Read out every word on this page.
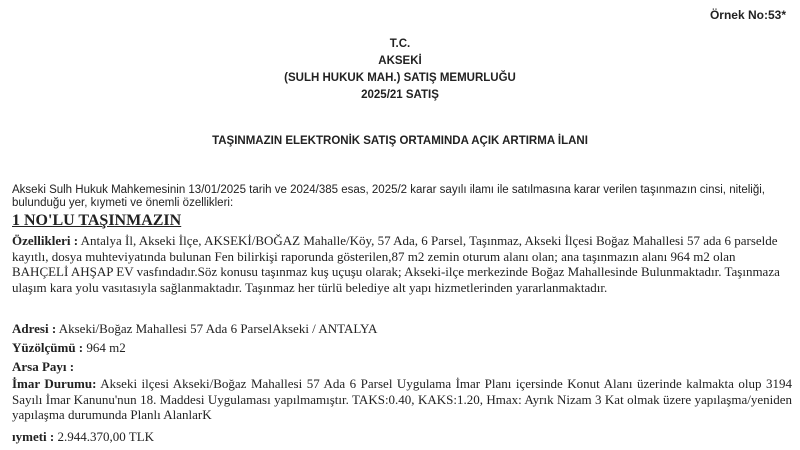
Örnek No:53*
T.C.
AKSEKİ
(SULH HUKUK MAH.) SATIŞ MEMURLUĞU
2025/21 SATIŞ
TAŞINMAZIN ELEKTRONİK SATIŞ ORTAMINDA AÇIK ARTIRMA İLANI
Akseki Sulh Hukuk Mahkemesinin 13/01/2025 tarih ve 2024/385 esas, 2025/2 karar sayılı ilamı ile satılmasına karar verilen taşınmazın cinsi, niteliği, bulunduğu yer, kıymeti ve önemli özellikleri:
1 NO'LU TAŞINMAZIN
Özellikleri : Antalya İl, Akseki İlçe, AKSEKİ/BOĞAZ Mahalle/Köy, 57 Ada, 6 Parsel, Taşınmaz, Akseki İlçesi Boğaz Mahallesi 57 ada 6 parselde kayıtlı, dosya muhteviyatında bulunan Fen bilirkişi raporunda gösterilen,87 m2 zemin oturum alanı olan; ana taşınmazın alanı 964 m2 olan BAHÇELİ AHŞAP EV vasfındadır.Söz konusu taşınmaz kuş uçuşu olarak; Akseki-ilçe merkezinde Boğaz Mahallesinde Bulunmaktadır. Taşınmaza ulaşım kara yolu vasıtasıyla sağlanmaktadır. Taşınmaz her türlü belediye alt yapı hizmetlerinden yararlanmaktadır.
Adresi : Akseki/Boğaz Mahallesi 57 Ada 6 ParselAkseki / ANTALYA
Yüzölçümü : 964 m2
Arsa Payı :
İmar Durumu: Akseki ilçesi Akseki/Boğaz Mahallesi 57 Ada 6 Parsel Uygulama İmar Planı içersinde Konut Alanı üzerinde kalmakta olup 3194 Sayılı İmar Kanunu'nun 18. Maddesi Uygulaması yapılmamıştır. TAKS:0.40, KAKS:1.20, Hmax: Ayrık Nizam 3 Kat olmak üzere yapılaşma/yeniden yapılaşma durumunda Planlı AlanlarK
ıymeti : 2.944.370,00 TLK
